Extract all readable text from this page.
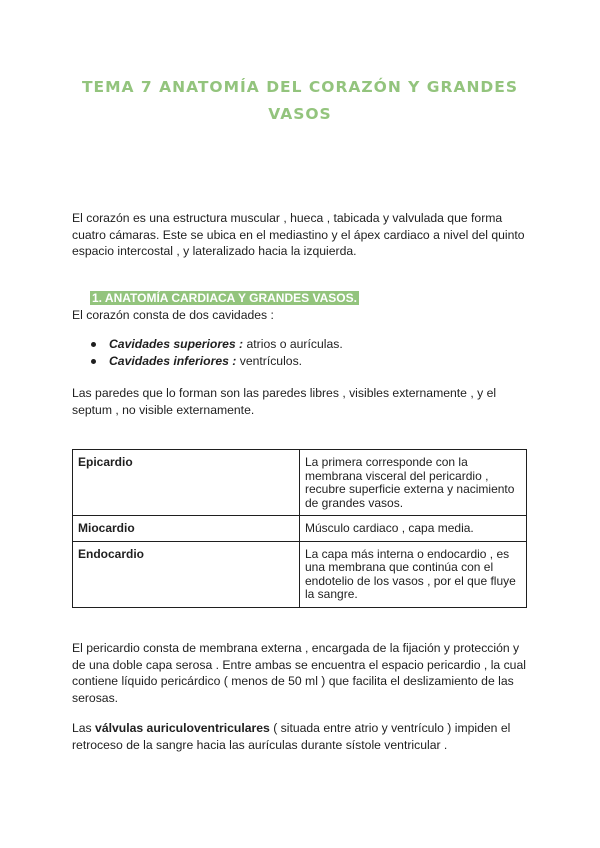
TEMA 7 ANATOMÍA DEL CORAZÓN Y GRANDES VASOS

El corazón es una estructura muscular , hueca , tabicada y valvulada que forma cuatro cámaras. Este se ubica en el mediastino y el ápex cardiaco a nivel del quinto espacio intercostal , y lateralizado hacia la izquierda.

1. ANATOMÍA CARDIACA Y GRANDES VASOS.

El corazón consta de dos cavidades :

Cavidades superiores : atrios o aurículas.
Cavidades inferiores : ventrículos.

Las paredes que lo forman son las paredes libres , visibles externamente , y el septum , no visible externamente.

Epicardio	La primera corresponde con la membrana visceral del pericardio , recubre superficie externa y nacimiento de grandes vasos.
Miocardio	Músculo cardiaco , capa media.
Endocardio	La capa más interna o endocardio , es una membrana que continúa con el endotelio de los vasos , por el que fluye la sangre.

El pericardio consta de membrana externa , encargada de la fijación y protección y de una doble capa serosa . Entre ambas se encuentra el espacio pericardio , la cual contiene líquido pericárdico ( menos de 50 ml ) que facilita el deslizamiento de las serosas.

Las válvulas auriculoventriculares ( situada entre atrio y ventrículo ) impiden el retroceso de la sangre hacia las aurículas durante sístole ventricular .
